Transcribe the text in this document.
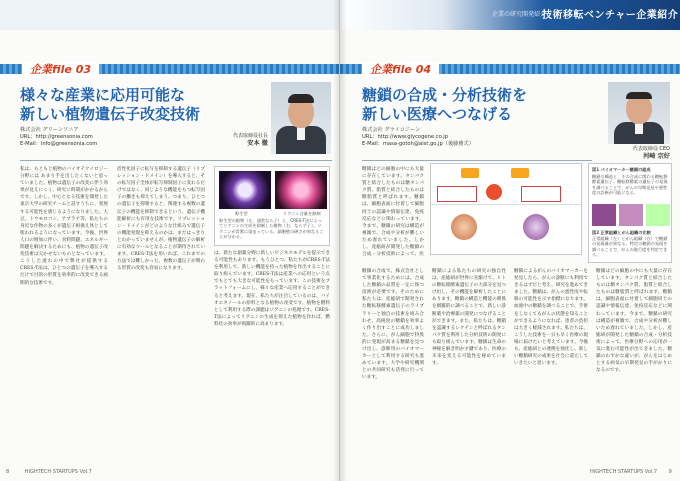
企業file 03
様々な産業に応用可能な
新しい植物遺伝子改変技術
株式会社 グリーンソニア
URL：http://greensonia.com
E-Mail：info@greensonia.com
代表取締役社長
安本 徹
私は、もともと植物のバイオテクノロジー分野には あまり手を出したくないと思っていました。植物は遺伝子の改変に伴う効果が見えにくく、研究に時間がかかるからです。しかし、中心となる技術を開発した東京大学の研究チームと話すうちに、発展する可能性を感じるようになりました。大豆、トウモロコシ、アブラナ等、私たちの身近な作物の多くが遺伝子組換え体として使われるようになっています。今後、世界人口の増加に伴い、食料問題、エネルギー問題を解決するためにも、植物の遺伝子改変技術は欠かせないものとなっています。こうした流れの中で弊社が提供するCRES-T法は、ひとつの遺伝子を導入するだけで目的の形質を効率的に改変できる画期的な技術です。
活性化因子に転写を抑制する遺伝子（リプレッション・ドメイン）を導入すると、その転写因子全体が転写抑制因子に変わるだけではなく、同じような機能をもつ転写因子の働きも抑えてしまう。つまり、ひとつの遺伝子を抑制すると、関連する複数の遺伝子の機能を抑制できるという、遺伝子機能解析にも有用な技術です。リプレッション・ドメインがどのような仕組みで遺伝子の機能発現を抑えるのかは、まだはっきりとわかっていませんが、植物遺伝子の解析に有効なツールとなることが期待されています。CRES-T法を用いれば、これまでの方法では難しかった、複数の遺伝子が関わる形質の改変も容易になります。
は、新たな創薬分野に新しいビジネスモデルを提示できる可能性もあります。もうひとつ、私たちがCRES-T法を利用して、新しい機能を持った植物を作出することに取り組んでいます。CRES-T法は産業への応用という点でもとても大きな可能性をもっています。この技術をプラットフォームにし、様々な産業へ応用することができると考えます。現在、私たちが注目しているのは、バイオエタノールの原料となる植物の改変です。植物を燃料として利用する際の課題はリグニンの処理です。CRES-T法によってリグニンの生成を抑えた植物を作れば、燃料化の効率が飛躍的に高まります。
野生型	リグニン含量を抑制
野生型の植物（左、通常なら子）と、CRES-T法によってリグニンの生成を抑制した植物（右、ならず子）。リグニンが青紫に染まっている。細胞壁の硬さが異なることが分かる。
8	HIGHTECH STARTUPS Vol.7
企業の研究開発紹介
技術移転ベンチャー企業紹介
企業file 04
糖鎖の合成・分析技術を
新しい医療へつなげる
株式会社 グライコジーン
URL：http://www.glycogene.co.jp
E-Mail：masa-gotoh@aist.go.jp（後藤雅式）
代表取締役 CEO
河崎 宗好
糖鎖はどの細胞の中にも大量に存在しています。タンパク質と結合したものは糖タンパク質、脂質と結合したものは糖脂質と呼ばれます。糖鎖は、細胞表面に付着して細胞同士の認識や情報伝達、免疫反応などに関わっています。今まで、糖鎖の研究は構造が複雑で、合成や分析が難しいため遅れていました。しかし、産総研が開発した糖鎖の合成・分析技術によって、医
図1 パイオマーカー糖鎖の組成
糖鎖の構造と、その合成に関わる糖転移酵素遺伝子。糖転移酵素の遺伝子の発現を調べることで、がんの早期発見や悪性度の診断が可能になる。
図2 正常組織とがん組織の比較
正常組織（左）とがん組織（右）で糖鎖の発現量が異なる。特定の糖鎖の発現を調べることで、がんの進行度を判定できる。
糖鎖の合成で、株式会社として事業化するためには、合成した糖鎖の品質を一定に保つ技術が必要です。そのために私たちは、産総研で開発された糖転移酵素遺伝子のライブラリーと独自の技術を組み合わせ、高純度の糖鎖を効率よく作り出すことに成功しました。さらに、がん細胞で特異的に発現が高まる糖鎖を見つけ出し、診断用のバイオマーカーとして利用する研究も進めています。大学や研究機関との共同研究も活発に行っています。
糖鎖による私たちの研究の独自性は、産総研が世界に先駆けて、ヒトの糖転移酵素遺伝子の大部分を見つけ出し、その機能を解析したことにあります。糖鎖の構造と機能の関係を網羅的に調べることで、新しい診断薬や治療薬の開発につなげることができます。また、私たちは、糖鎖を認識するレクチンと呼ばれるタンパク質を利用した分析技術の開発にも取り組んでいます。糖鎖は生命の神秘を解き明かす鍵であり、医療の未来を変える可能性を秘めています。
糖鎖によるがんのバイオマーカーを発見したら、がんの診断にも利用できるはずだと考え、研究を進めてきました。糖鎖は、がんの悪性度や転移の可能性を示す指標になります。血液中の糖鎖を調べることで、手術をしなくてもがんの状態を知ることができるようになれば、患者の負担は大きく軽減されます。私たちは、こうした技術を一日も早く医療の現場に届けたいと考えています。今後も、産総研との連携を強化し、新しい糖鎖研究の成果を社会に還元していきたいと思います。
糖鎖はどの細胞の中にも大量に存在しています。タンパク質と結合したものは糖タンパク質、脂質と結合したものは糖脂質と呼ばれます。糖鎖は、細胞表面に付着して細胞同士の認識や情報伝達、免疫反応などに関わっています。今まで、糖鎖の研究は構造が複雑で、合成や分析が難しいため遅れていました。しかし、産総研が開発した糖鎖の合成・分析技術によって、医療分野への応用が一気に進む可能性が出てきました。糖鎖のわずかな違いが、がんをはじめとする病気の早期発見の手がかりになるのです。
HIGHTECH STARTUPS Vol.7 9
